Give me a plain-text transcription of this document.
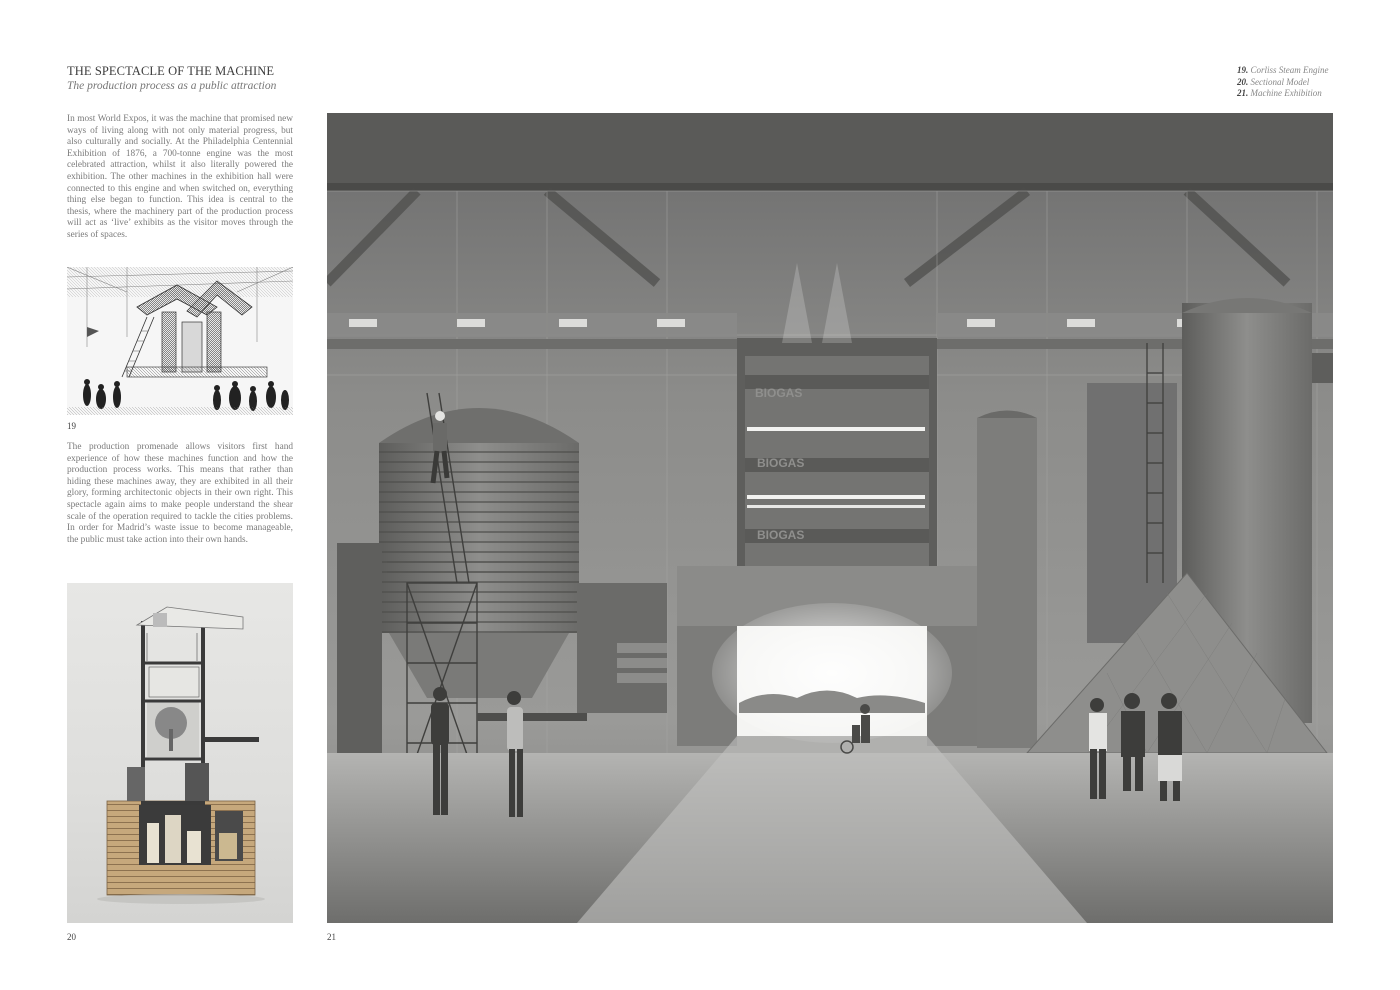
THE SPECTACLE OF THE MACHINE
The production process as a public attraction
19. Corliss Steam Engine
20. Sectional Model
21. Machine Exhibition
In most World Expos, it was the machine that promised new ways of living along with not only material progress, but also culturally and socially. At the Philadelphia Centennial Exhibition of 1876, a 700-tonne engine was the most celebrated attraction, whilst it also literally powered the exhibition. The other machines in the exhibition hall were connected to this engine and when switched on, everything thing else began to function. This idea is central to the thesis, where the machinery part of the production process will act as ‘live’ exhibits as the visitor moves through the series of spaces.
19
The production promenade allows visitors first hand experience of how these machines function and how the production process works. This means that rather than hiding these machines away, they are exhibited in all their glory, forming architectonic objects in their own right. This spectacle again aims to make people understand the shear scale of the operation required to tackle the cities problems. In order for Madrid’s waste issue to become manageable, the public must take action into their own hands.
20
BIOGAS
BIOGAS
BIOGAS
21
